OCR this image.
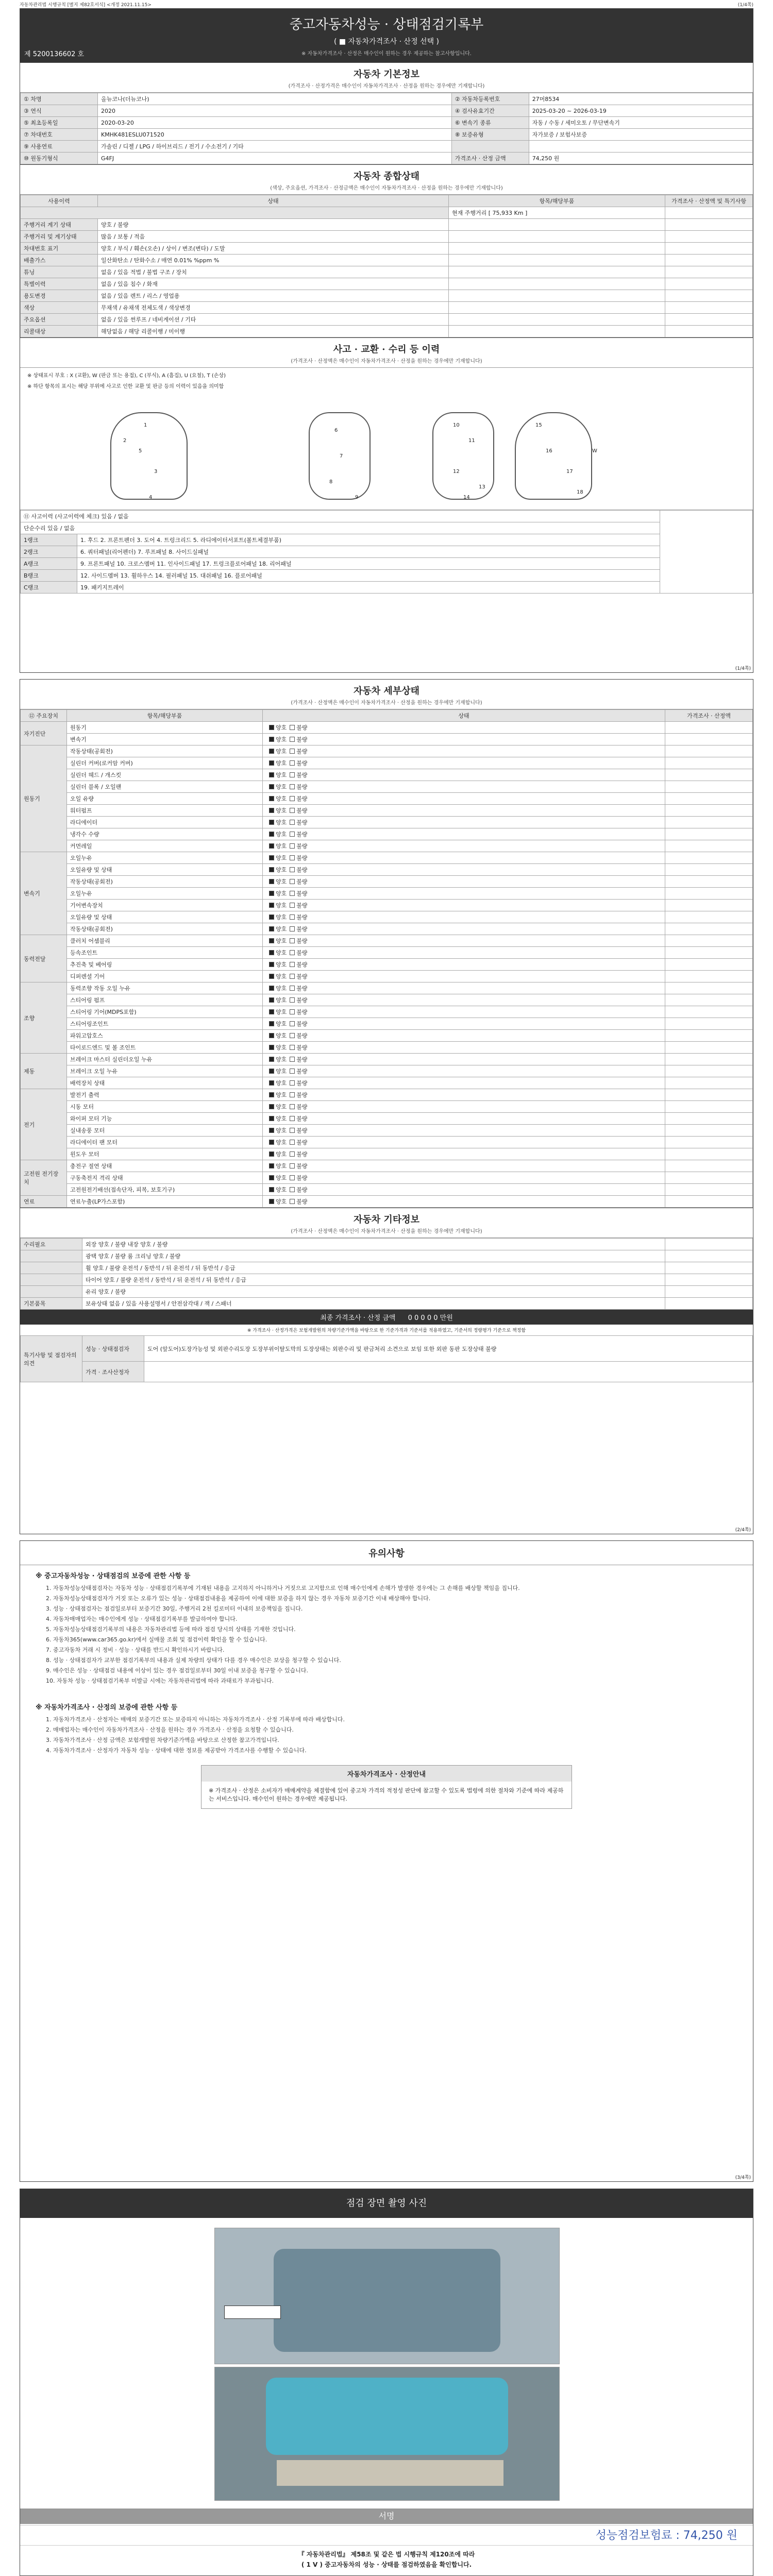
자동차관리법 시행규칙 [별지 제82호서식] <개정 2021.11.15>	(1/4쪽)
중고자동차성능 · 상태점검기록부
( ■ 자동차가격조사 · 산정 선택 )
※ 자동차가격조사 · 산정은 매수인이 원하는 경우 제공하는 참고사항입니다.
제 5200136602 호
자동차 기본정보
(가격조사 · 산정가격은 매수인이 자동차가격조사 · 산정을 원하는 경우에만 기재합니다)
① 차명	올뉴코나(더뉴코나)	② 자동차등록번호	27머8534
③ 연식	2020	④ 검사유효기간	2025-03-20 ~ 2026-03-19
⑤ 최초등록일	2020-03-20	⑥ 변속기 종류	자동 / 수동 / 세미오토 / 무단변속기
⑦ 차대번호	KMHK481ESLU071520	⑧ 보증유형	자가보증 / 보험사보증
⑨ 사용연료	가솔린 / 디젤 / LPG / 하이브리드 / 전기 / 수소전기 / 기타		
⑩ 원동기형식	G4FJ	가격조사 · 산정 금액	74,250 원
자동차 종합상태
(색상, 주요옵션, 가격조사 · 산정금액은 매수인이 자동차가격조사 · 산정을 원하는 경우에만 기재합니다)
사용이력	상태	항목/해당부품	가격조사 · 산정액 및 특기사항
		현재 주행거리 [ 75,933 Km ]	
주행거리 계기 상태	양호 / 불량		
주행거리 및 계기상태	많음 / 보통 / 적음		
차대번호 표기	양호 / 부식 / 훼손(오손) / 상이 / 변조(변타) / 도말		
배출가스	일산화탄소 / 탄화수소 / 매연 0.01% %ppm %		
튜닝	없음 / 있음 적법 / 불법 구조 / 장치		
특별이력	없음 / 있음 침수 / 화재		
용도변경	없음 / 있음 렌트 / 리스 / 영업용		
색상	무채색 / 유채색 전체도색 / 색상변경		
주요옵션	없음 / 있음 썬루프 / 네비게이션 / 기타		
리콜대상	해당없음 / 해당 리콜이행 / 미이행		
사고 · 교환 · 수리 등 이력
(가격조사 · 산정액은 매수인이 자동차가격조사 · 산정을 원하는 경우에만 기재합니다)
※ 상태표시 부호 : X (교환), W (판금 또는 용접), C (부식), A (흠집), U (요철), T (손상)
※ 하단 항목의 표시는 해당 부위에 사고로 인한 교환 및 판금 등의 이력이 있음을 의미함
1
2
3
4
5
6
7
8
9
10
11
12
13
14
15
16
17
18
W
⑪ 사고이력 (사고이력에 체크) 있음 / 없음		
단순수리 있음 / 없음		
1랭크	1. 후드 2. 프론트펜더 3. 도어 4. 트렁크리드 5. 라디에이터서포트(볼트체결부품)	
2랭크	6. 쿼터패널(리어펜더) 7. 루프패널 8. 사이드실패널	
A랭크	9. 프론트패널 10. 크로스멤버 11. 인사이드패널 17. 트렁크플로어패널 18. 리어패널	
B랭크	12. 사이드멤버 13. 휠하우스 14. 필러패널 15. 대쉬패널 16. 플로어패널	
C랭크	19. 패키지트레이	
(1/4쪽)
자동차 세부상태
(가격조사 · 산정액은 매수인이 자동차가격조사 · 산정을 원하는 경우에만 기재합니다)
⑫ 주요장치	항목/해당부품	상태	가격조사 · 산정액
자기진단	원동기	양호 불량	
	변속기	양호 불량	
원동기	작동상태(공회전)	양호 불량	
	실린더 커버(로커암 커버)	양호 불량	
	실린더 헤드 / 개스킷	양호 불량	
	실린더 블록 / 오일팬	양호 불량	
	오일 유량	양호 불량	
	워터펌프	양호 불량	
	라디에이터	양호 불량	
	냉각수 수량	양호 불량	
	커먼레일	양호 불량	
변속기	오일누유	양호 불량	
	오일유량 및 상태	양호 불량	
	작동상태(공회전)	양호 불량	
	오일누유	양호 불량	
	기어변속장치	양호 불량	
	오일유량 및 상태	양호 불량	
	작동상태(공회전)	양호 불량	
동력전달	클러치 어셈블리	양호 불량	
	등속조인트	양호 불량	
	추진축 및 베어링	양호 불량	
	디퍼렌셜 기어	양호 불량	
조향	동력조향 작동 오일 누유	양호 불량	
	스티어링 펌프	양호 불량	
	스티어링 기어(MDPS포함)	양호 불량	
	스티어링조인트	양호 불량	
	파워고압호스	양호 불량	
	타이로드엔드 및 볼 조인트	양호 불량	
제동	브레이크 마스터 실린더오일 누유	양호 불량	
	브레이크 오일 누유	양호 불량	
	배력장치 상태	양호 불량	
전기	발전기 출력	양호 불량	
	시동 모터	양호 불량	
	와이퍼 모터 기능	양호 불량	
	실내송풍 모터	양호 불량	
	라디에이터 팬 모터	양호 불량	
	윈도우 모터	양호 불량	
고전원 전기장치	충전구 절연 상태	양호 불량	
	구동축전지 격리 상태	양호 불량	
	고전원전기배선(접속단자, 피복, 보호기구)	양호 불량	
연료	연료누출(LP가스포함)	양호 불량	
자동차 기타정보
(가격조사 · 산정액은 매수인이 자동차가격조사 · 산정을 원하는 경우에만 기재합니다)
수리필요	외장 양호 / 불량 내장 양호 / 불량	
	광택 양호 / 불량 룸 크리닝 양호 / 불량	
	휠 양호 / 불량 운전석 / 동반석 / 뒤 운전석 / 뒤 동반석 / 응급	
	타이어 양호 / 불량 운전석 / 동반석 / 뒤 운전석 / 뒤 동반석 / 응급	
	유리 양호 / 불량	
기본품목	보유상태 없음 / 있음 사용설명서 / 안전삼각대 / 잭 / 스패너	
최종 가격조사 · 산정 금액 0 0 0 0 0 만원
※ 가격조사 · 산정가격은 보험개발원의 차량기준가액을 바탕으로 한 기준가격과 기준서를 적용하였고, 기준서의 정량평가 기준으로 책정함
특기사항 및 점검자의 의견	성능 · 상태점검자	도어 (앞도어)도장가능성 및 외판수리도장 도장부위이탈도막의 도장상태는 외판수리 및 판금처리 소견으로 보임 또한 외판 동판 도장상태 불량
	가격 · 조사산정자	
(2/4쪽)
유의사항
※ 중고자동차성능 · 상태점검의 보증에 관한 사항 등
1. 자동차성능상태점검자는 자동차 성능 · 상태점검기록부에 기재된 내용을 고지하지 아니하거나 거짓으로 고지함으로 인해 매수인에게 손해가 발생한 경우에는 그 손해를 배상할 책임을 집니다.
2. 자동차성능상태점검자가 거짓 또는 오류가 있는 성능 · 상태점검내용을 제공하여 이에 대한 보증을 하지 않는 경우 자동차 보증기간 이내 배상해야 합니다.
3. 성능 · 상태점검자는 점검일로부터 보증기간 30일, 주행거리 2천 킬로미터 이내의 보증책임을 집니다.
4. 자동차매매업자는 매수인에게 성능 · 상태점검기록부를 발급하여야 합니다.
5. 자동차성능상태점검기록부의 내용은 자동차관리법 등에 따라 점검 당시의 상태를 기재한 것입니다.
6. 자동차365(www.car365.go.kr)에서 실매물 조회 및 점검이력 확인을 할 수 있습니다.
7. 중고자동차 거래 시 정비 · 성능 · 상태를 반드시 확인하시기 바랍니다.
8. 성능 · 상태점검자가 교부한 점검기록부의 내용과 실제 차량의 상태가 다를 경우 매수인은 보상을 청구할 수 있습니다.
9. 매수인은 성능 · 상태점검 내용에 이상이 있는 경우 점검일로부터 30일 이내 보증을 청구할 수 있습니다.
10. 자동차 성능 · 상태점검기록부 미발급 시에는 자동차관리법에 따라 과태료가 부과됩니다.
※ 자동차가격조사 · 산정의 보증에 관한 사항 등
1. 자동차가격조사 · 산정자는 매매의 보증기간 또는 보증하지 아니하는 자동차가격조사 · 산정 기록부에 따라 배상합니다.
2. 매매업자는 매수인이 자동차가격조사 · 산정을 원하는 경우 가격조사 · 산정을 요청할 수 있습니다.
3. 자동차가격조사 · 산정 금액은 보험개발원 차량기준가액을 바탕으로 산정한 참고가격입니다.
4. 자동차가격조사 · 산정자가 자동차 성능 · 상태에 대한 정보를 제공받아 가격조사를 수행할 수 있습니다.
자동차가격조사 · 산정안내
※ 가격조사 · 산정은 소비자가 매매계약을 체결함에 있어 중고차 가격의 적정성 판단에 참고할 수 있도록 법령에 의한 절차와 기준에 따라 제공하는 서비스입니다. 매수인이 원하는 경우에만 제공됩니다.
(3/4쪽)
점검 장면 촬영 사진
서명
성능점검보험료 : 74,250 원
『 자동차관리법』 제58조 및 같은 법 시행규칙 제120조에 따라
( 1 V ) 중고자동차의 성능 · 상태를 점검하였음을 확인합니다.
